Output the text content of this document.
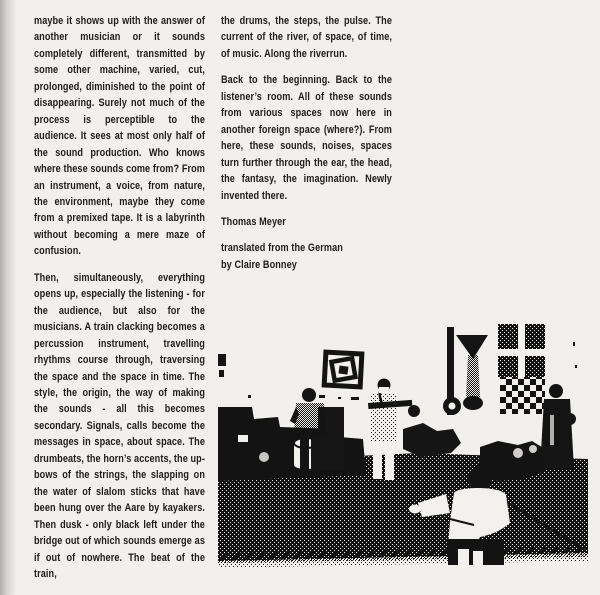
maybe it shows up with the answer of another musician or it sounds completely different, transmitted by some other machine, varied, cut, prolonged, diminished to the point of disappearing. Surely not much of the process is perceptible to the audience. It sees at most only half of the sound production. Who knows where these sounds come from? From an instrument, a voice, from nature, the environment, maybe they come from a premixed tape. It is a labyrinth without becoming a mere maze of confusion.

Then, simultaneously, everything opens up, especially the listening - for the audience, but also for the musicians. A train clacking becomes a percussion instrument, travelling rhythms course through, traversing the space and the space in time. The style, the origin, the way of making the sounds - all this becomes secondary. Signals, calls become the messages in space, about space. The drumbeats, the horn’s accents, the up-bows of the strings, the slapping on the water of slalom sticks that have been hung over the Aare by kayakers. Then dusk - only black left under the bridge out of which sounds emerge as if out of nowhere. The beat of the train,

the drums, the steps, the pulse. The current of the river, of space, of time, of music. Along the riverrun.

Back to the beginning. Back to the listener’s room. All of these sounds from various spaces now here in another foreign space (where?). From here, these sounds, noises, spaces turn further through the ear, the head, the fantasy, the imagination. Newly invented there.

Thomas Meyer

translated from the German
by Claire Bonney
